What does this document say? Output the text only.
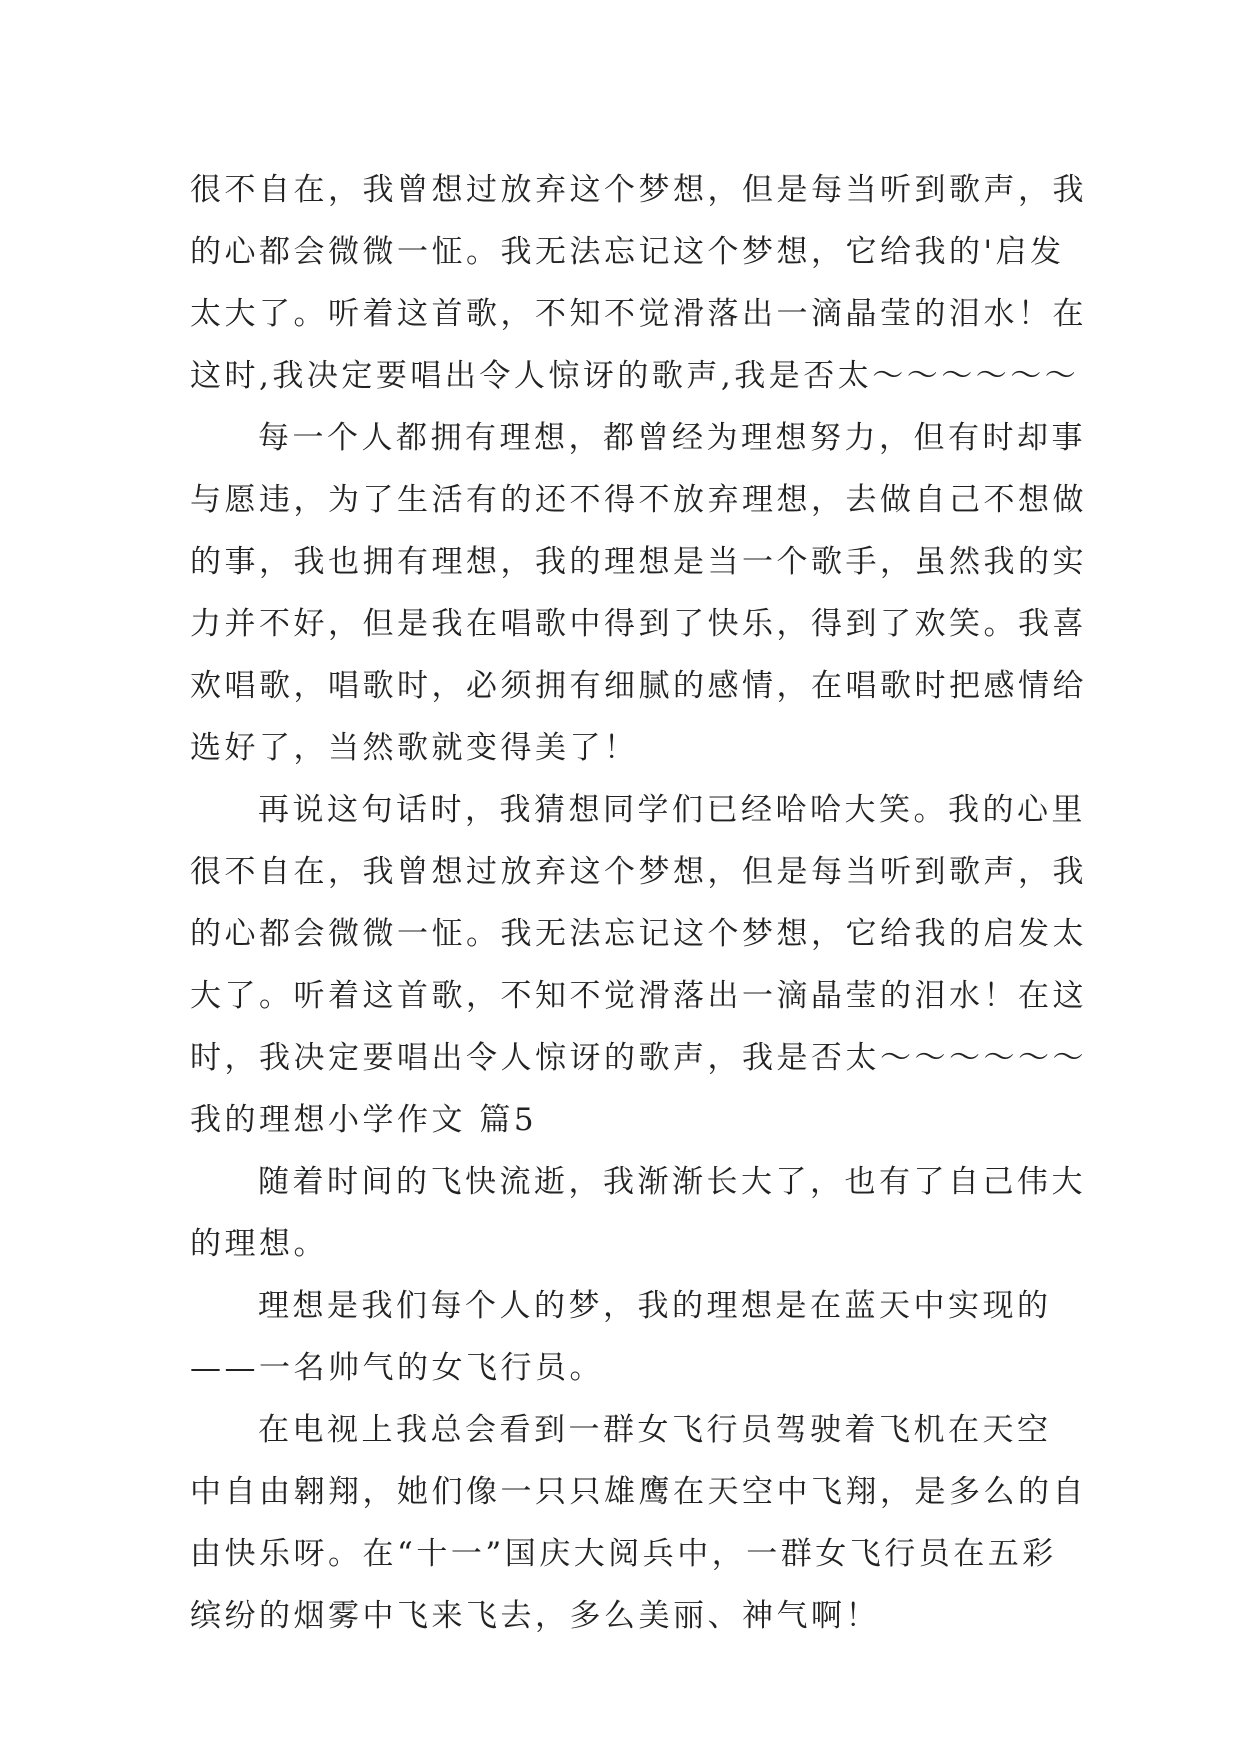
很不自在，我曾想过放弃这个梦想，但是每当听到歌声，我
的心都会微微一怔。我无法忘记这个梦想，它给我的'启发
太大了。听着这首歌，不知不觉滑落出一滴晶莹的泪水！在
这时,我决定要唱出令人惊讶的歌声,我是否太～～～～～～
每一个人都拥有理想，都曾经为理想努力，但有时却事
与愿违，为了生活有的还不得不放弃理想，去做自己不想做
的事，我也拥有理想，我的理想是当一个歌手，虽然我的实
力并不好，但是我在唱歌中得到了快乐，得到了欢笑。我喜
欢唱歌，唱歌时，必须拥有细腻的感情，在唱歌时把感情给
选好了，当然歌就变得美了！
再说这句话时，我猜想同学们已经哈哈大笑。我的心里
很不自在，我曾想过放弃这个梦想，但是每当听到歌声，我
的心都会微微一怔。我无法忘记这个梦想，它给我的启发太
大了。听着这首歌，不知不觉滑落出一滴晶莹的泪水！在这
时，我决定要唱出令人惊讶的歌声，我是否太～～～～～～
我的理想小学作文 篇5
随着时间的飞快流逝，我渐渐长大了，也有了自己伟大
的理想。
理想是我们每个人的梦，我的理想是在蓝天中实现的
——一名帅气的女飞行员。
在电视上我总会看到一群女飞行员驾驶着飞机在天空
中自由翱翔，她们像一只只雄鹰在天空中飞翔，是多么的自
由快乐呀。在“十一”国庆大阅兵中，一群女飞行员在五彩
缤纷的烟雾中飞来飞去，多么美丽、神气啊！
